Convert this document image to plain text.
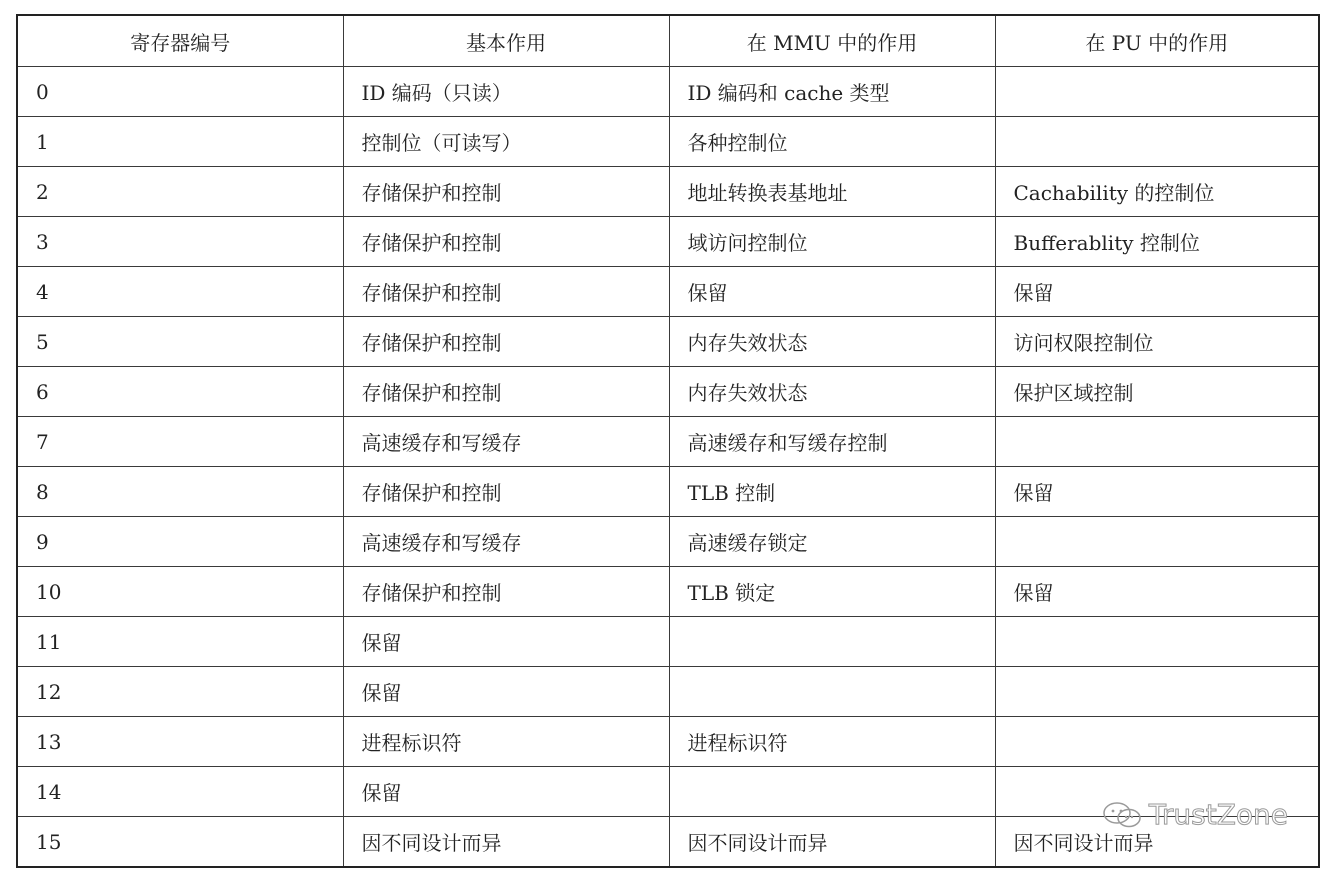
寄存器编号	基本作用	在 MMU 中的作用	在 PU 中的作用
0	ID 编码（只读）	ID 编码和 cache 类型	
1	控制位（可读写）	各种控制位	
2	存储保护和控制	地址转换表基地址	Cachability 的控制位
3	存储保护和控制	域访问控制位	Bufferablity 控制位
4	存储保护和控制	保留	保留
5	存储保护和控制	内存失效状态	访问权限控制位
6	存储保护和控制	内存失效状态	保护区域控制
7	高速缓存和写缓存	高速缓存和写缓存控制	
8	存储保护和控制	TLB 控制	保留
9	高速缓存和写缓存	高速缓存锁定	
10	存储保护和控制	TLB 锁定	保留
11	保留		
12	保留		
13	进程标识符	进程标识符	
14	保留		
15	因不同设计而异	因不同设计而异	因不同设计而异
TrustZone
